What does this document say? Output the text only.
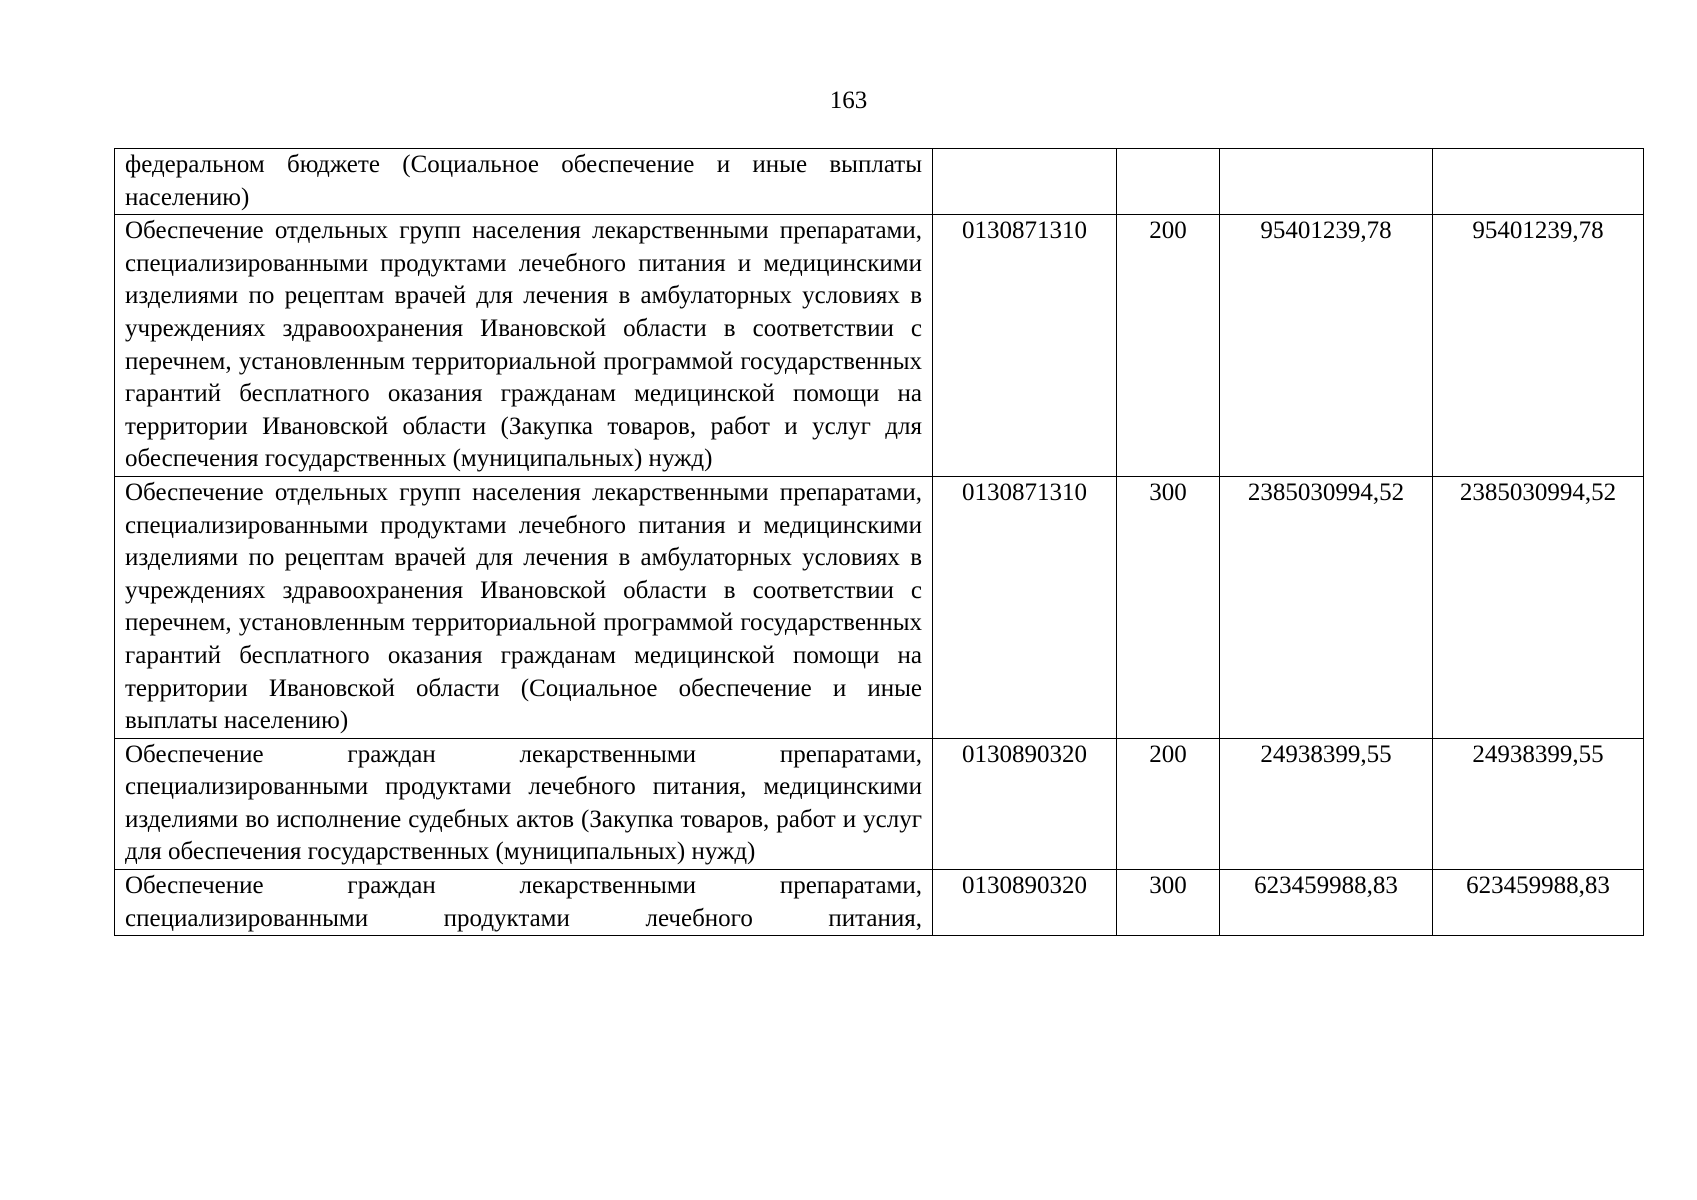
163
федеральном бюджете (Социальное обеспечение и иные выплаты населению)				
Обеспечение отдельных групп населения лекарственными препаратами, специализированными продуктами лечебного питания и медицинскими изделиями по рецептам врачей для лечения в амбулаторных условиях в учреждениях здравоохранения Ивановской области в соответствии с перечнем, установленным территориальной программой государственных гарантий бесплатного оказания гражданам медицинской помощи на территории Ивановской области (Закупка товаров, работ и услуг для обеспечения государственных (муниципальных) нужд)	0130871310	200	95401239,78	95401239,78
Обеспечение отдельных групп населения лекарственными препаратами, специализированными продуктами лечебного питания и медицинскими изделиями по рецептам врачей для лечения в амбулаторных условиях в учреждениях здравоохранения Ивановской области в соответствии с перечнем, установленным территориальной программой государственных гарантий бесплатного оказания гражданам медицинской помощи на территории Ивановской области (Социальное обеспечение и иные выплаты населению)	0130871310	300	2385030994,52	2385030994,52
Обеспечение граждан лекарственными препаратами, специализированными продуктами лечебного питания, медицинскими изделиями во исполнение судебных актов (Закупка товаров, работ и услуг для обеспечения государственных (муниципальных) нужд)	0130890320	200	24938399,55	24938399,55
Обеспечение граждан лекарственными препаратами, специализированными продуктами лечебного питания,	0130890320	300	623459988,83	623459988,83
